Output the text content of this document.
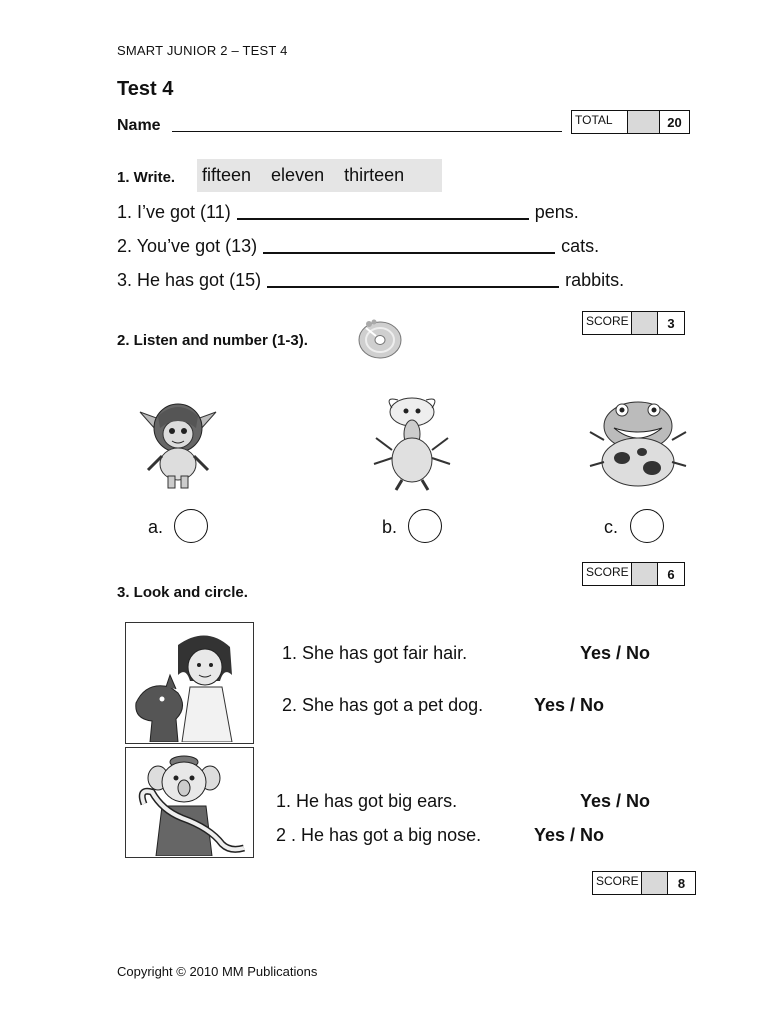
SMART JUNIOR 2 – TEST 4
Test 4
Name	TOTAL	20
1. Write. fifteen eleven thirteen
1. I’ve got (11)	pens.
2. You’ve got (13)	cats.
3. He has got (15)	rabbits.
SCORE	3
2. Listen and number (1-3).
a.	b.	c.
SCORE	6
3. Look and circle.
1. She has got fair hair.	Yes / No
2. She has got a pet dog.	Yes / No
1. He has got big ears.	Yes / No
2 . He has got a big nose.	Yes / No
SCORE	8
Copyright © 2010 MM Publications
